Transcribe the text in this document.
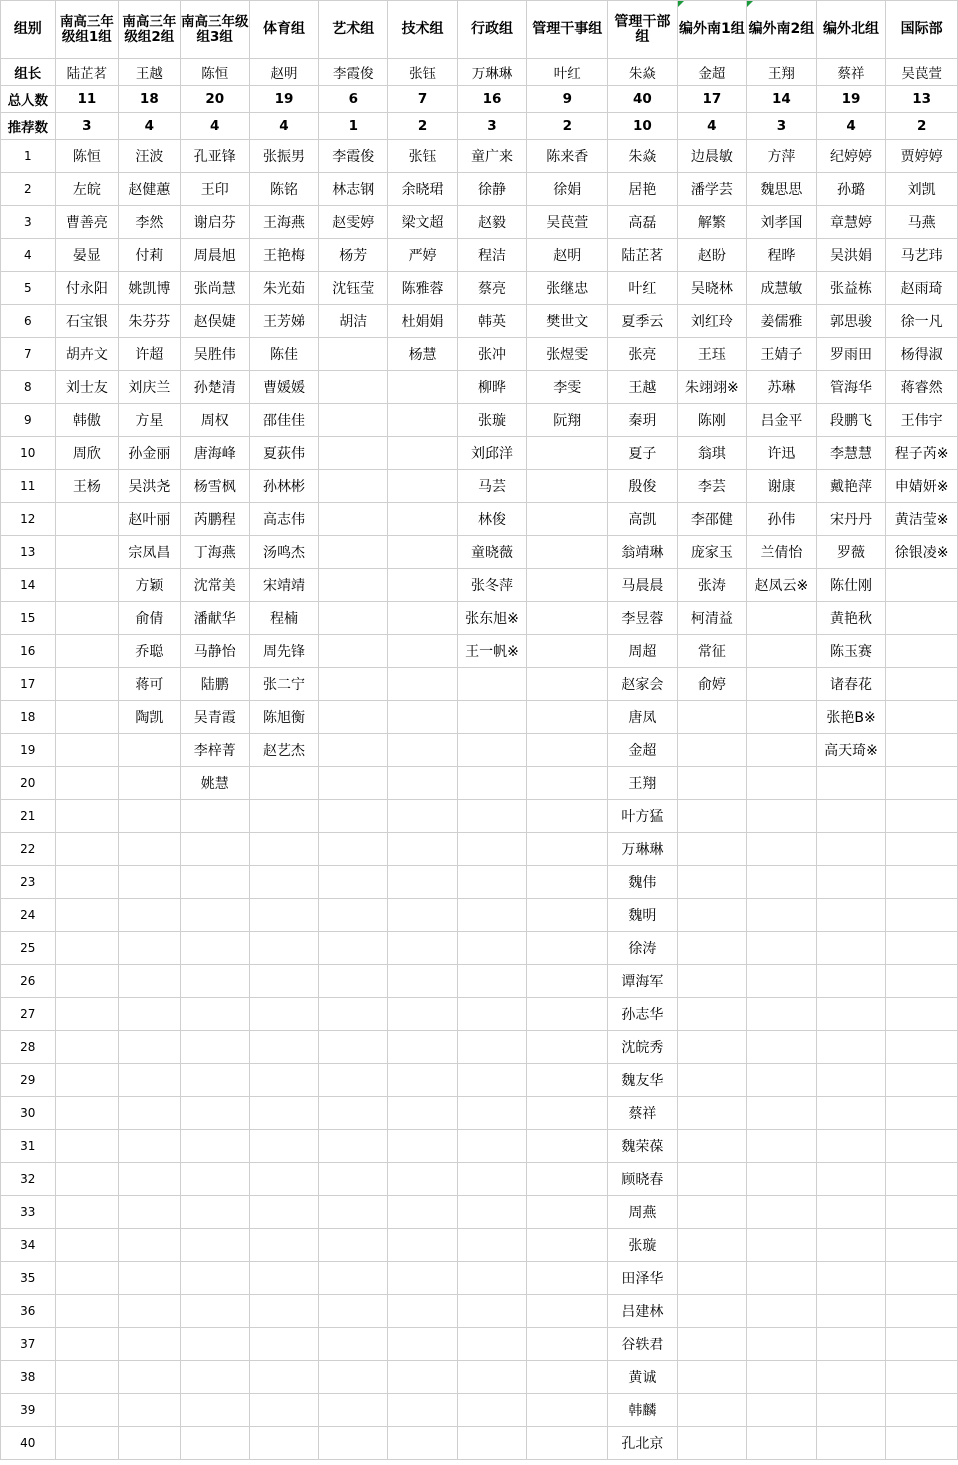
组别	南高三年级组1组	南高三年级组2组	南高三年级组3组	体育组	艺术组	技术组	行政组	管理干事组	管理干部组	编外南1组	编外南2组	编外北组	国际部
组长	陆芷茗	王越	陈恒	赵明	李霞俊	张钰	万琳琳	叶红	朱焱	金超	王翔	蔡祥	吴苠萱
总人数	11	18	20	19	6	7	16	9	40	17	14	19	13
推荐数	3	4	4	4	1	2	3	2	10	4	3	4	2
1	陈恒	汪波	孔亚锋	张振男	李霞俊	张钰	童广来	陈来香	朱焱	边晨敏	方萍	纪婷婷	贾婷婷
2	左皖	赵健蕙	王印	陈铭	林志钢	余晓珺	徐静	徐娟	居艳	潘学芸	魏思思	孙璐	刘凯
3	曹善亮	李然	谢启芬	王海燕	赵雯婷	梁文超	赵毅	吴苠萱	高磊	解繁	刘孝国	章慧婷	马燕
4	晏显	付莉	周晨旭	王艳梅	杨芳	严婷	程洁	赵明	陆芷茗	赵盼	程晔	吴洪娟	马艺玮
5	付永阳	姚凯博	张尚慧	朱光茹	沈钰莹	陈雅蓉	蔡亮	张继忠	叶红	吴晓林	成慧敏	张益栋	赵雨琦
6	石宝银	朱芬芬	赵俣婕	王芳娣	胡洁	杜娟娟	韩英	樊世文	夏季云	刘红玲	姜儒雅	郭思骏	徐一凡
7	胡卉文	许超	吴胜伟	陈佳		杨慧	张冲	张煜雯	张亮	王珏	王婧子	罗雨田	杨得淑
8	刘士友	刘庆兰	孙楚清	曹媛媛			柳晔	李雯	王越	朱翊翊※	苏琳	管海华	蒋睿然
9	韩傲	方星	周权	邵佳佳			张璇	阮翔	秦玥	陈刚	吕金平	段鹏飞	王伟宇
10	周欣	孙金丽	唐海峰	夏荻伟			刘邱洋		夏子	翁琪	许迅	李慧慧	程子芮※
11	王杨	吴洪尧	杨雪枫	孙林彬			马芸		殷俊	李芸	谢康	戴艳萍	申婧妍※
12		赵叶丽	芮鹏程	高志伟			林俊		高凯	李邵健	孙伟	宋丹丹	黄洁莹※
13		宗凤昌	丁海燕	汤鸣杰			童晓薇		翁靖琳	庞家玉	兰倩怡	罗薇	徐银凌※
14		方颖	沈常美	宋靖靖			张冬萍		马晨晨	张涛	赵凤云※	陈仕刚	
15		俞倩	潘献华	程楠			张东旭※		李昱蓉	柯清益		黄艳秋	
16		乔聪	马静怡	周先锋			王一帆※		周超	常征		陈玉赛	
17		蒋可	陆鹏	张二宁					赵家会	俞婷		诸春花	
18		陶凯	吴青霞	陈旭衡					唐凤			张艳B※	
19			李梓菁	赵艺杰					金超			高天琦※	
20			姚慧						王翔				
21									叶方猛				
22									万琳琳				
23									魏伟				
24									魏明				
25									徐涛				
26									谭海军				
27									孙志华				
28									沈皖秀				
29									魏友华				
30									蔡祥				
31									魏荣葆				
32									顾晓春				
33									周燕				
34									张璇				
35									田泽华				
36									吕建林				
37									谷轶君				
38									黄诚				
39									韩麟				
40									孔北京				
